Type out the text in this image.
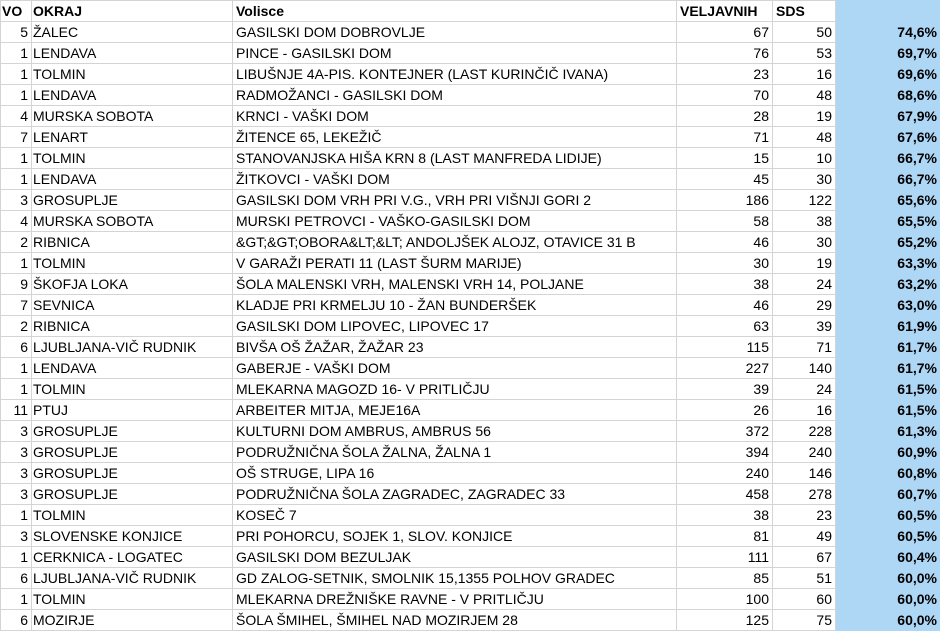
VO	OKRAJ	Volisce	VELJAVNIH	SDS	
5	ŽALEC	GASILSKI DOM DOBROVLJE	67	50	74,6%
1	LENDAVA	PINCE - GASILSKI DOM	76	53	69,7%
1	TOLMIN	LIBUŠNJE 4A-PIS. KONTEJNER (LAST KURINČIČ IVANA)	23	16	69,6%
1	LENDAVA	RADMOŽANCI - GASILSKI DOM	70	48	68,6%
4	MURSKA SOBOTA	KRNCI - VAŠKI DOM	28	19	67,9%
7	LENART	ŽITENCE 65, LEKEŽIČ	71	48	67,6%
1	TOLMIN	STANOVANJSKA HIŠA KRN 8 (LAST MANFREDA LIDIJE)	15	10	66,7%
1	LENDAVA	ŽITKOVCI - VAŠKI DOM	45	30	66,7%
3	GROSUPLJE	GASILSKI DOM VRH PRI V.G., VRH PRI VIŠNJI GORI 2	186	122	65,6%
4	MURSKA SOBOTA	MURSKI PETROVCI - VAŠKO-GASILSKI DOM	58	38	65,5%
2	RIBNICA	&GT;&GT;OBORA&LT;&LT; ANDOLJŠEK ALOJZ, OTAVICE 31 B	46	30	65,2%
1	TOLMIN	V GARAŽI PERATI 11 (LAST ŠURM MARIJE)	30	19	63,3%
9	ŠKOFJA LOKA	ŠOLA MALENSKI VRH, MALENSKI VRH 14, POLJANE	38	24	63,2%
7	SEVNICA	KLADJE PRI KRMELJU 10 - ŽAN BUNDERŠEK	46	29	63,0%
2	RIBNICA	GASILSKI DOM LIPOVEC, LIPOVEC 17	63	39	61,9%
6	LJUBLJANA-VIČ RUDNIK	BIVŠA OŠ ŽAŽAR, ŽAŽAR 23	115	71	61,7%
1	LENDAVA	GABERJE - VAŠKI DOM	227	140	61,7%
1	TOLMIN	MLEKARNA MAGOZD 16- V PRITLIČJU	39	24	61,5%
11	PTUJ	ARBEITER MITJA, MEJE16A	26	16	61,5%
3	GROSUPLJE	KULTURNI DOM AMBRUS, AMBRUS 56	372	228	61,3%
3	GROSUPLJE	PODRUŽNIČNA ŠOLA ŽALNA, ŽALNA 1	394	240	60,9%
3	GROSUPLJE	OŠ STRUGE, LIPA 16	240	146	60,8%
3	GROSUPLJE	PODRUŽNIČNA ŠOLA ZAGRADEC, ZAGRADEC 33	458	278	60,7%
1	TOLMIN	KOSEČ 7	38	23	60,5%
3	SLOVENSKE KONJICE	PRI POHORCU, SOJEK 1, SLOV. KONJICE	81	49	60,5%
1	CERKNICA - LOGATEC	GASILSKI DOM BEZULJAK	111	67	60,4%
6	LJUBLJANA-VIČ RUDNIK	GD ZALOG-SETNIK, SMOLNIK 15,1355 POLHOV GRADEC	85	51	60,0%
1	TOLMIN	MLEKARNA DREŽNIŠKE RAVNE - V PRITLIČJU	100	60	60,0%
6	MOZIRJE	ŠOLA ŠMIHEL, ŠMIHEL NAD MOZIRJEM 28	125	75	60,0%
